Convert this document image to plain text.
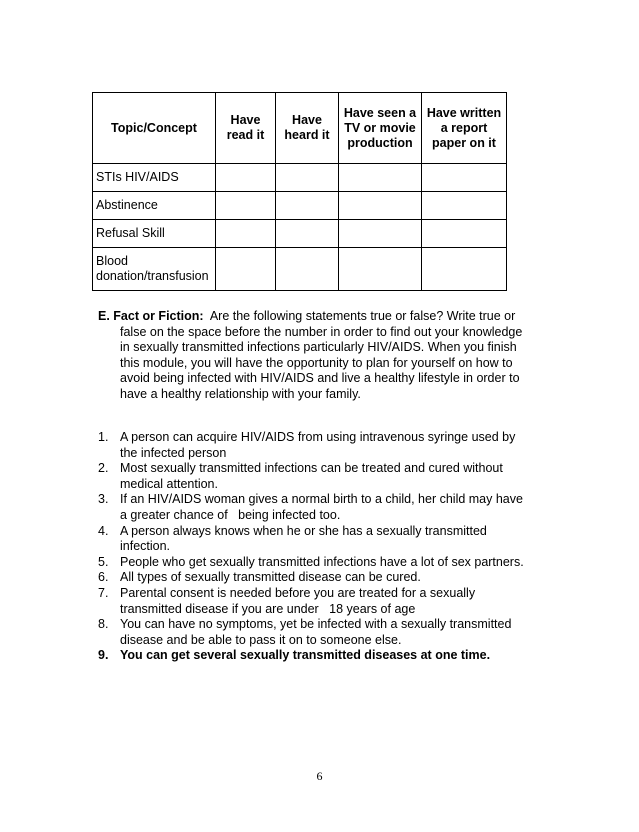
Topic/Concept	Have read it	Have heard it	Have seen a TV or movie production	Have written a report paper on it
STIs HIV/AIDS				
Abstinence				
Refusal Skill				
Blood donation/transfusion				

E. Fact or Fiction: Are the following statements true or false? Write true or false on the space before the number in order to find out your knowledge in sexually transmitted infections particularly HIV/AIDS. When you finish this module, you will have the opportunity to plan for yourself on how to avoid being infected with HIV/AIDS and live a healthy lifestyle in order to have a healthy relationship with your family.

1. A person can acquire HIV/AIDS from using intravenous syringe used by the infected person
2. Most sexually transmitted infections can be treated and cured without medical attention.
3. If an HIV/AIDS woman gives a normal birth to a child, her child may have a greater chance of   being infected too.
4. A person always knows when he or she has a sexually transmitted infection.
5. People who get sexually transmitted infections have a lot of sex partners.
6. All types of sexually transmitted disease can be cured.
7. Parental consent is needed before you are treated for a sexually transmitted disease if you are under   18 years of age
8. You can have no symptoms, yet be infected with a sexually transmitted disease and be able to pass it on to someone else.
9. You can get several sexually transmitted diseases at one time.
6
